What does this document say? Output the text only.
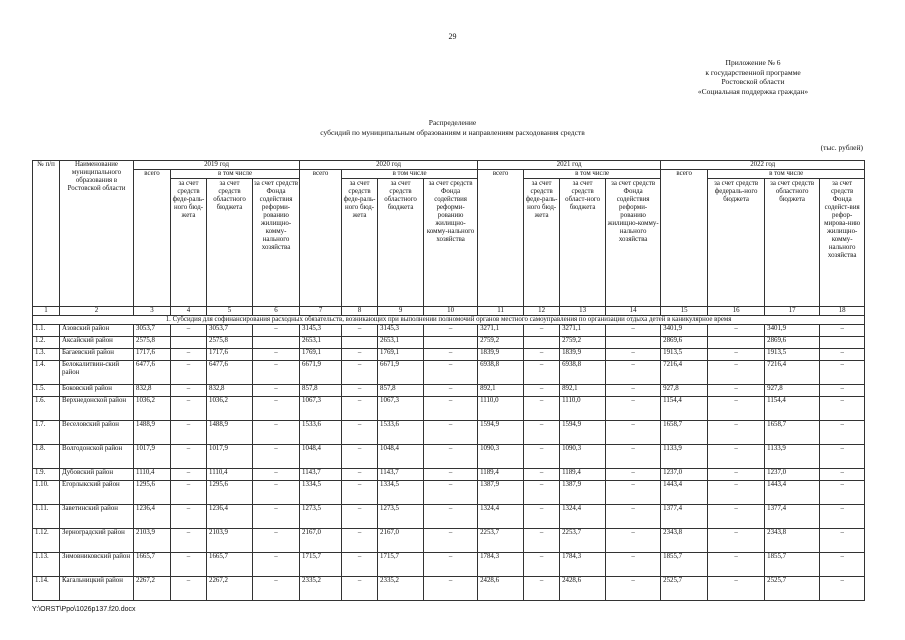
29
Приложение № 6
к государственной программе
Ростовской области
«Социальная поддержка граждан»
Распределение
субсидий по муниципальным образованиям и направлениям расходования средств
(тыс. рублей)
№ п/п	Наименование муниципального образования в Ростовской области	2019 год				2020 год				2021 год				2022 год			
		всего	в том числе			всего	в том числе			всего	в том числе			всего	в том числе		
			за счет средств феде-раль-ного бюд-жета	за счет средств областного бюджета	за счет средств Фонда содействия реформи-рованию жилищно-комму-нального хозяйства		за счет средств феде-раль-ного бюд-жета	за счет средств областного бюджета	за счет средств Фонда содействия реформи-рованию жилищно-комму-нального хозяйства		за счет средств феде-раль-ного бюд-жета	за счет средств област-ного бюджета	за счет средств Фонда содействия реформи-рованию жилищно-комму-нального хозяйства		за счет средств федераль-ного бюджета	за счет средств областного бюджета	за счет средств Фонда содейст-вия рефор-мирова-нию жилищно-комму-нального хозяйства
1	2	3	4	5	6	7	8	9	10	11	12	13	14	15	16	17	18
1. Субсидия для софинансирования расходных обязательств, возникающих при выполнении полномочий органов местного самоуправления по организации отдыха детей в каникулярное время																	
1.1.	Азовский район	3053,7	–	3053,7	–	3145,3	–	3145,3	–	3271,1	–	3271,1	–	3401,9	–	3401,9	–
1.2.	Аксайский район	2575,8		2575,8		2653,1		2653,1		2759,2		2759,2		2869,6		2869,6	
1.3.	Багаевский район	1717,6	–	1717,6	–	1769,1	–	1769,1	–	1839,9	–	1839,9	–	1913,5	–	1913,5	–
1.4.	Белокалитвин-ский район	6477,6	–	6477,6	–	6671,9	–	6671,9	–	6938,8	–	6938,8	–	7216,4	–	7216,4	–
1.5.	Боковский район	832,8	–	832,8	–	857,8	–	857,8	–	892,1	–	892,1	–	927,8	–	927,8	–
1.6.	Верхнедонской район	1036,2	–	1036,2	–	1067,3	–	1067,3	–	1110,0	–	1110,0	–	1154,4	–	1154,4	–
1.7.	Веселовский район	1488,9	–	1488,9	–	1533,6	–	1533,6	–	1594,9	–	1594,9	–	1658,7	–	1658,7	–
1.8.	Волгодонской район	1017,9	–	1017,9	–	1048,4	–	1048,4	–	1090,3	–	1090,3	–	1133,9	–	1133,9	–
1.9.	Дубовский район	1110,4	–	1110,4	–	1143,7	–	1143,7	–	1189,4	–	1189,4	–	1237,0	–	1237,0	–
1.10.	Егорлыкский район	1295,6	–	1295,6	–	1334,5	–	1334,5	–	1387,9	–	1387,9	–	1443,4	–	1443,4	–
1.11.	Заветинский район	1236,4	–	1236,4	–	1273,5	–	1273,5	–	1324,4	–	1324,4	–	1377,4	–	1377,4	–
1.12.	Зерноградский район	2103,9	–	2103,9	–	2167,0	–	2167,0	–	2253,7	–	2253,7	–	2343,8	–	2343,8	–
1.13.	Зимовниковский район	1665,7	–	1665,7	–	1715,7	–	1715,7	–	1784,3	–	1784,3	–	1855,7	–	1855,7	–
1.14.	Кагальницкий район	2267,2	–	2267,2	–	2335,2	–	2335,2	–	2428,6	–	2428,6	–	2525,7	–	2525,7	–
Y:\ORST\Ppo\1026p137.f20.docx
